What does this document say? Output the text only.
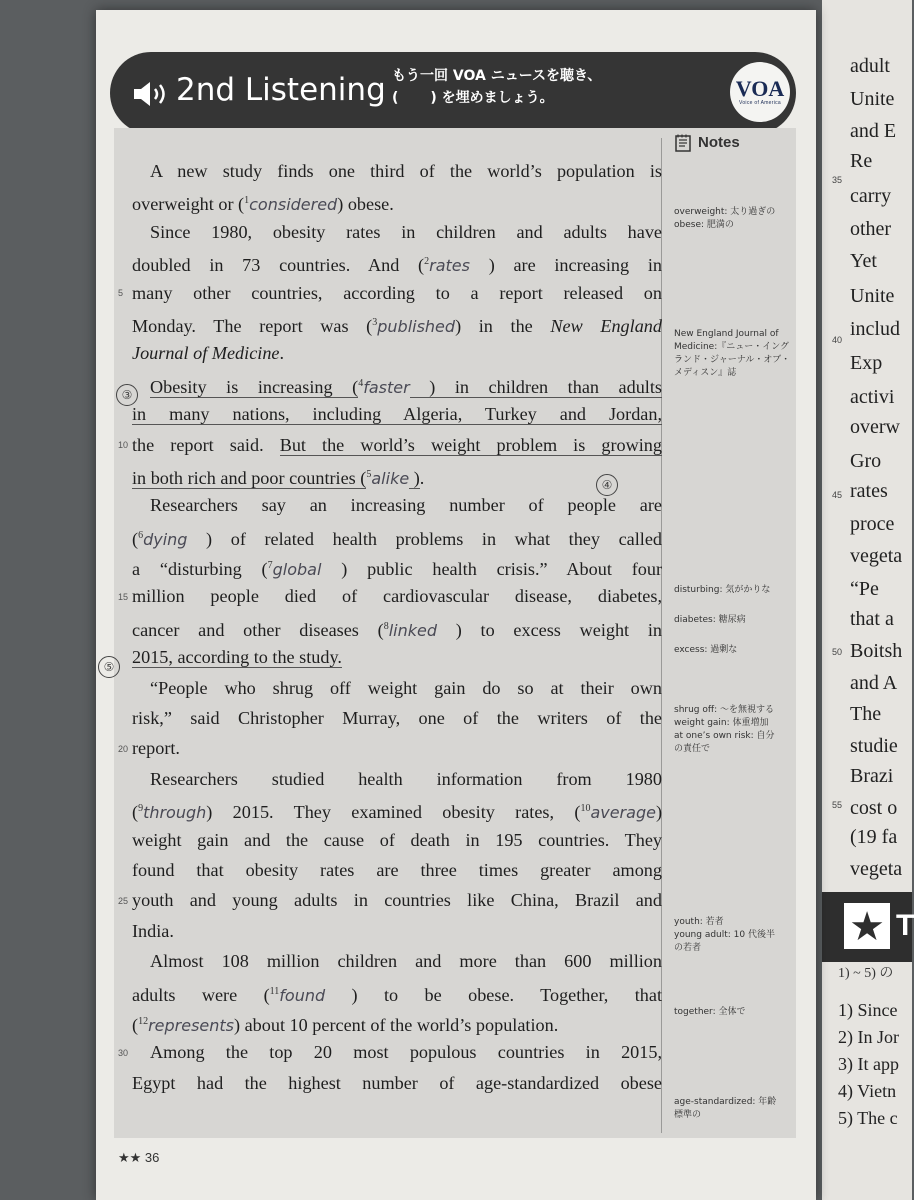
★ T
1) ~ 5) の
adult
Unite
and E
Re
carry
other
Yet
Unite
includ
Exp
activi
overw
Gro
rates
proce
vegeta
“Pe
that a
Boitsh
and A
The
studie
Brazi
cost o
(19 fa
vegeta
35
40
45
50
55
1) Since
2) In Jor
3) It app
4) Vietn
5) The c
2nd Listening もう一回 VOA ニュースを聴き、
( ) を埋めましょう。	VOA
Voice of America
Notes
A new study finds one third of the world’s population is
overweight or ($^1$considered) obese.
Since 1980, obesity rates in children and adults have
doubled in 73 countries. And ($^2$rates ) are increasing in
many other countries, according to a report released on
Monday. The report was ($^3$published) in the New England
Journal of Medicine.
Obesity is increasing ($^4$faster ) in children than adults
in many nations, including Algeria, Turkey and Jordan,
the report said. But the world’s weight problem is growing
in both rich and poor countries ($^5$alike ).
Researchers say an increasing number of people are
($^6$dying ) of related health problems in what they called
a “disturbing ($^7$global ) public health crisis.” About four
million people died of cardiovascular disease, diabetes,
cancer and other diseases ($^8$linked ) to excess weight in
2015, according to the study.
“People who shrug off weight gain do so at their own
risk,” said Christopher Murray, one of the writers of the
report.
Researchers studied health information from 1980
($^9$through) 2015. They examined obesity rates, ($^{10}$average)
weight gain and the cause of death in 195 countries. They
found that obesity rates are three times greater among
youth and young adults in countries like China, Brazil and
India.
Almost 108 million children and more than 600 million
adults were ($^{11}$found ) to be obese. Together, that
($^{12}$represents) about 10 percent of the world’s population.
Among the top 20 most populous countries in 2015,
Egypt had the highest number of age-standardized obese
5
10
15
20
25
30
③
④
⑤
overweight: 太り過ぎの
obese: 肥満の
New England Journal of
Medicine:『ニュー・イング
ランド・ジャーナル・オブ・
メディスン』誌
disturbing: 気がかりな
diabetes: 糖尿病
excess: 過剰な
shrug off: ～を無視する
weight gain: 体重増加
at one’s own risk: 自分
の責任で
youth: 若者
young adult: 10 代後半
の若者
together: 全体で
age-standardized: 年齢
標準の
★★ 36
